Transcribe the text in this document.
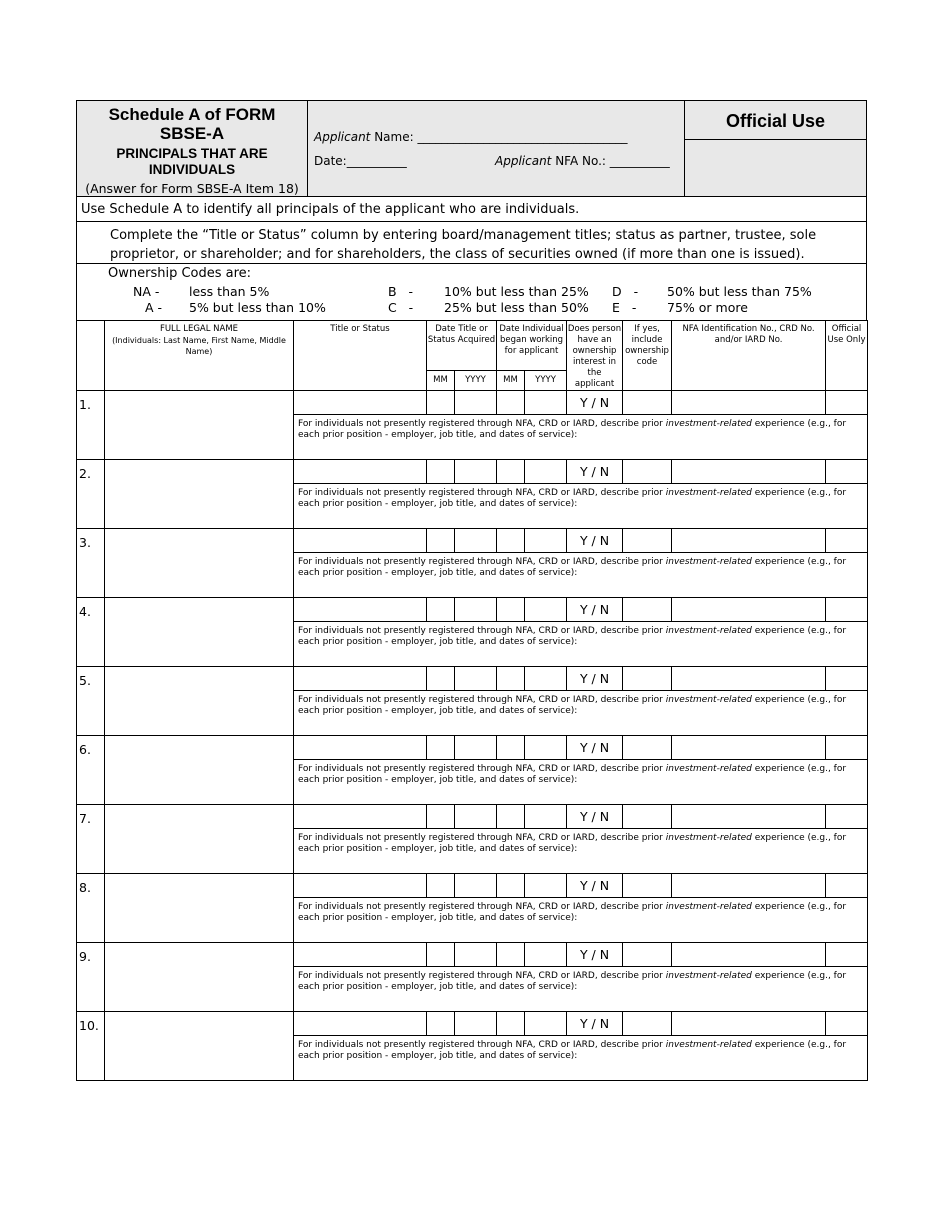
Schedule A of FORM
SBSE-A
PRINCIPALS THAT ARE INDIVIDUALS
(Answer for Form SBSE-A Item 18)
Applicant Name: ___________________________________
Date:__________	Applicant NFA No.: __________
Official Use
Use Schedule A to identify all principals of the applicant who are individuals.
Complete the “Title or Status” column by entering board/management titles; status as partner, trustee, sole proprietor, or shareholder; and for shareholders, the class of securities owned (if more than one is issued).
Ownership Codes are:
NA - less than 5%
A - 5% but less than 10%
B - 10% but less than 25%
C - 25% but less than 50%
D - 50% but less than 75%
E - 75% or more

	FULL LEGAL NAME
(Individuals: Last Name, First Name, Middle Name)	Title or Status	Date Title or Status Acquired		Date Individual began working for applicant		Does person have an ownership interest in the applicant	If yes, include ownership code	NFA Identification No., CRD No. and/or IARD No.	Official Use Only
			MM	YYYY	MM	YYYY				
1.							Y / N			
		For individuals not presently registered through NFA, CRD or IARD, describe prior investment-related experience (e.g., for each prior position - employer, job title, and dates of service):								
2.							Y / N			
		For individuals not presently registered through NFA, CRD or IARD, describe prior investment-related experience (e.g., for each prior position - employer, job title, and dates of service):								
3.							Y / N			
		For individuals not presently registered through NFA, CRD or IARD, describe prior investment-related experience (e.g., for each prior position - employer, job title, and dates of service):								
4.							Y / N			
		For individuals not presently registered through NFA, CRD or IARD, describe prior investment-related experience (e.g., for each prior position - employer, job title, and dates of service):								
5.							Y / N			
		For individuals not presently registered through NFA, CRD or IARD, describe prior investment-related experience (e.g., for each prior position - employer, job title, and dates of service):								
6.							Y / N			
		For individuals not presently registered through NFA, CRD or IARD, describe prior investment-related experience (e.g., for each prior position - employer, job title, and dates of service):								
7.							Y / N			
		For individuals not presently registered through NFA, CRD or IARD, describe prior investment-related experience (e.g., for each prior position - employer, job title, and dates of service):								
8.							Y / N			
		For individuals not presently registered through NFA, CRD or IARD, describe prior investment-related experience (e.g., for each prior position - employer, job title, and dates of service):								
9.							Y / N			
		For individuals not presently registered through NFA, CRD or IARD, describe prior investment-related experience (e.g., for each prior position - employer, job title, and dates of service):								
10.							Y / N			
		For individuals not presently registered through NFA, CRD or IARD, describe prior investment-related experience (e.g., for each prior position - employer, job title, and dates of service):								
